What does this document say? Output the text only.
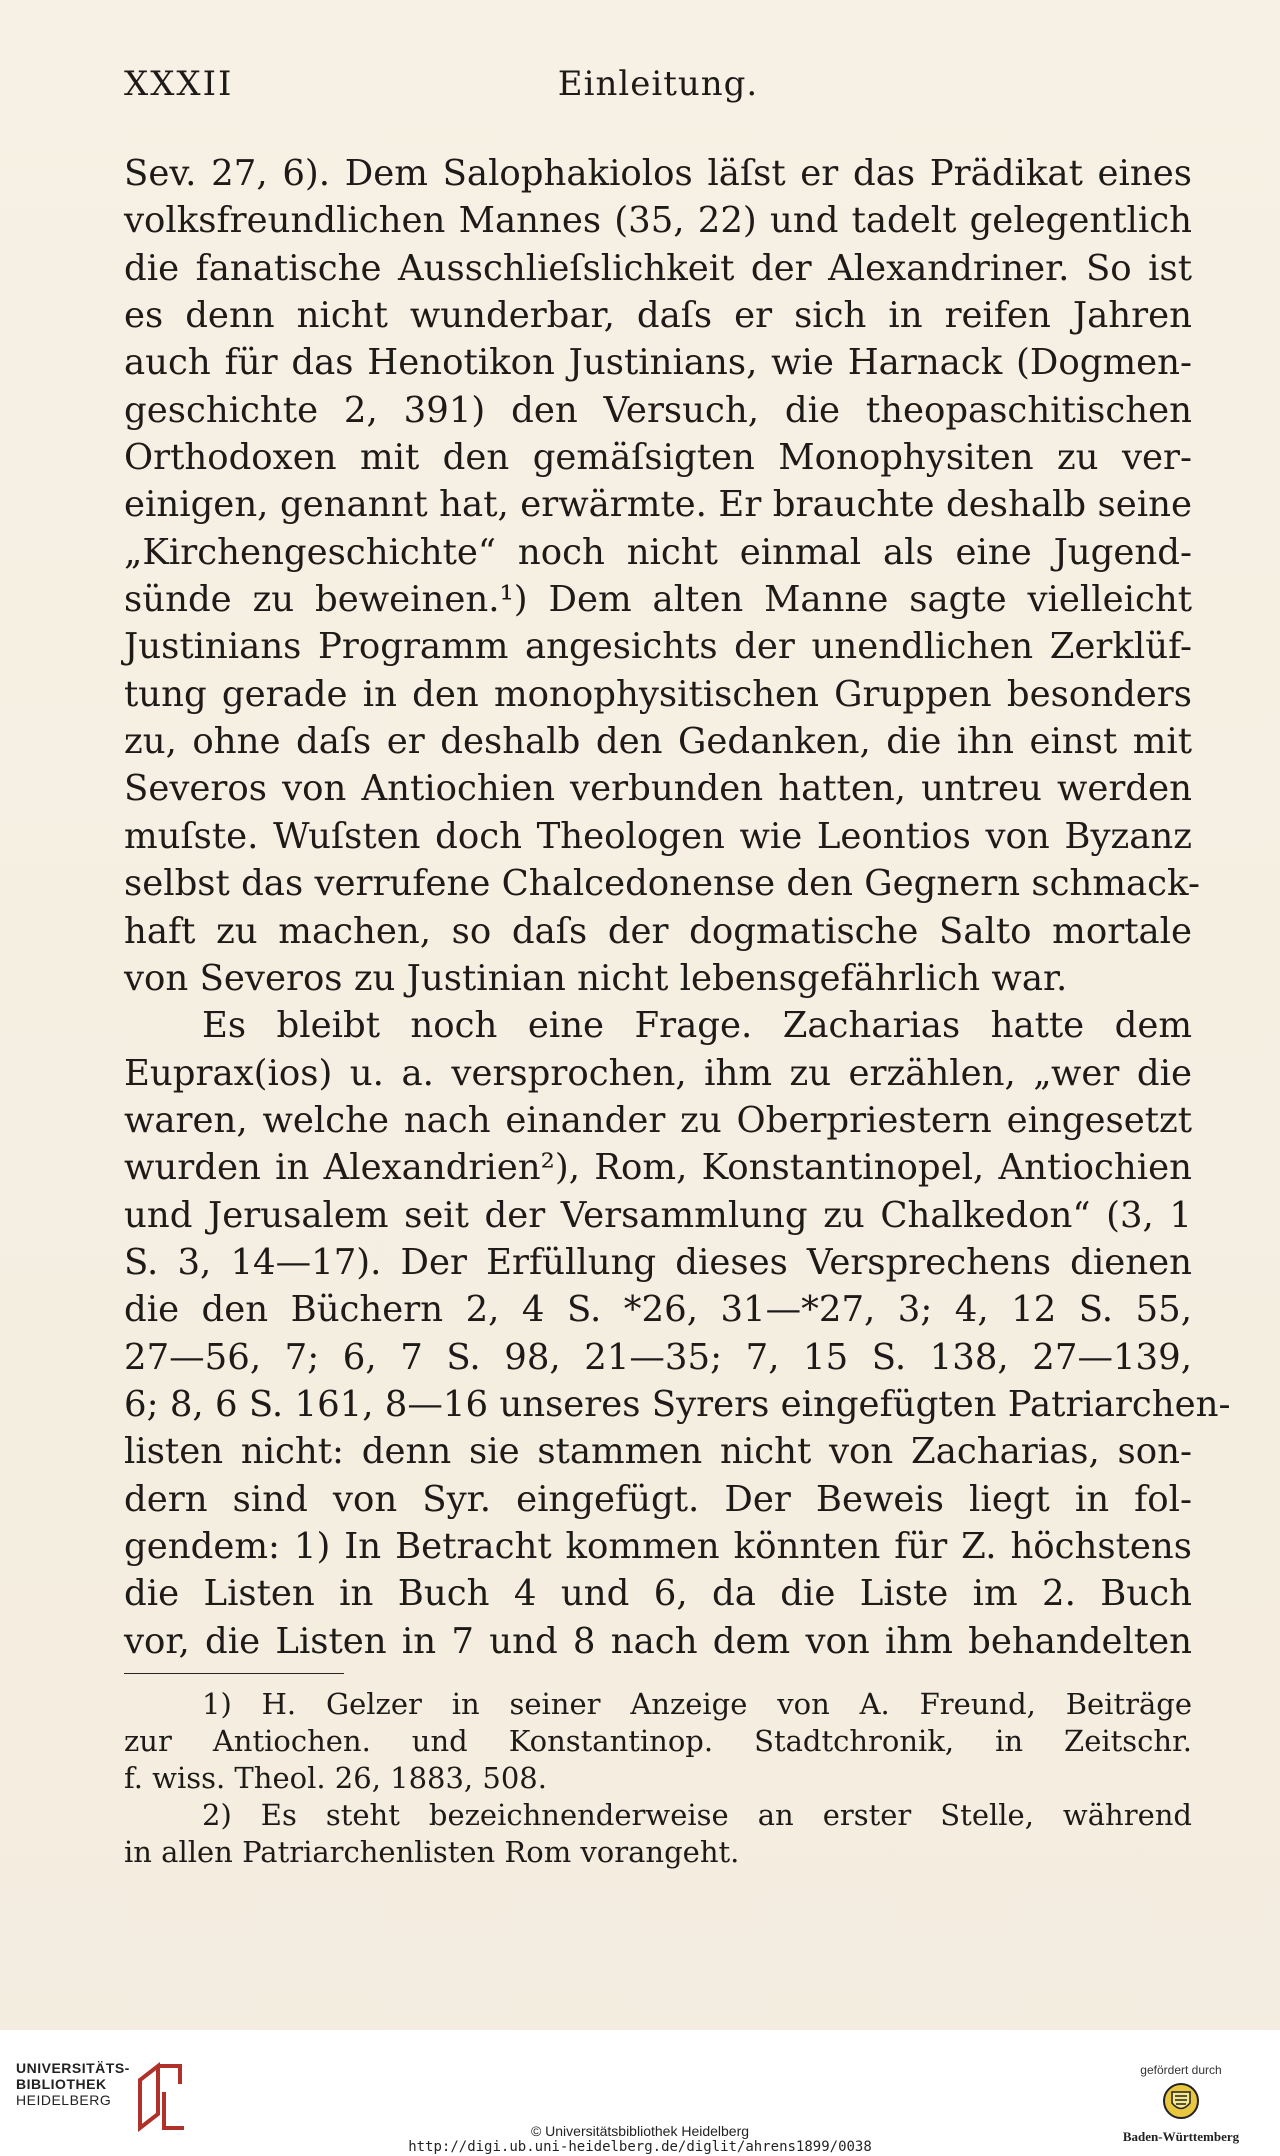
XXXII	Einleitung.
Sev. 27, 6). Dem Salophakiolos läſst er das Prädikat eines
volksfreundlichen Mannes (35, 22) und tadelt gelegentlich
die fanatische Ausschlieſslichkeit der Alexandriner. So ist
es denn nicht wunderbar, daſs er sich in reifen Jahren
auch für das Henotikon Justinians, wie Harnack (Dogmen-
geschichte 2, 391) den Versuch, die theopaschitischen
Orthodoxen mit den gemäſsigten Monophysiten zu ver-
einigen, genannt hat, erwärmte. Er brauchte deshalb seine
„Kirchengeschichte“ noch nicht einmal als eine Jugend-
sünde zu beweinen.¹) Dem alten Manne sagte vielleicht
Justinians Programm angesichts der unendlichen Zerklüf-
tung gerade in den monophysitischen Gruppen besonders
zu, ohne daſs er deshalb den Gedanken, die ihn einst mit
Severos von Antiochien verbunden hatten, untreu werden
muſste. Wuſsten doch Theologen wie Leontios von Byzanz
selbst das verrufene Chalcedonense den Gegnern schmack-
haft zu machen, so daſs der dogmatische Salto mortale
von Severos zu Justinian nicht lebensgefährlich war.
Es bleibt noch eine Frage. Zacharias hatte dem
Euprax(ios) u. a. versprochen, ihm zu erzählen, „wer die
waren, welche nach einander zu Oberpriestern eingesetzt
wurden in Alexandrien²), Rom, Konstantinopel, Antiochien
und Jerusalem seit der Versammlung zu Chalkedon“ (3, 1
S. 3, 14—17). Der Erfüllung dieses Versprechens dienen
die den Büchern 2, 4 S. *26, 31—*27, 3; 4, 12 S. 55,
27—56, 7; 6, 7 S. 98, 21—35; 7, 15 S. 138, 27—139,
6; 8, 6 S. 161, 8—16 unseres Syrers eingefügten Patriarchen-
listen nicht: denn sie stammen nicht von Zacharias, son-
dern sind von Syr. eingefügt. Der Beweis liegt in fol-
gendem: 1) In Betracht kommen könnten für Z. höchstens
die Listen in Buch 4 und 6, da die Liste im 2. Buch
vor, die Listen in 7 und 8 nach dem von ihm behandelten
1) H. Gelzer in seiner Anzeige von A. Freund, Beiträge
zur Antiochen. und Konstantinop. Stadtchronik, in Zeitschr.
f. wiss. Theol. 26, 1883, 508.
2) Es steht bezeichnenderweise an erster Stelle, während
in allen Patriarchenlisten Rom vorangeht.
UNIVERSITÄTS-
BIBLIOTHEK
HEIDELBERG
gefördert durch
Baden-Württemberg
© Universitätsbibliothek Heidelberg
http://digi.ub.uni-heidelberg.de/diglit/ahrens1899/0038
